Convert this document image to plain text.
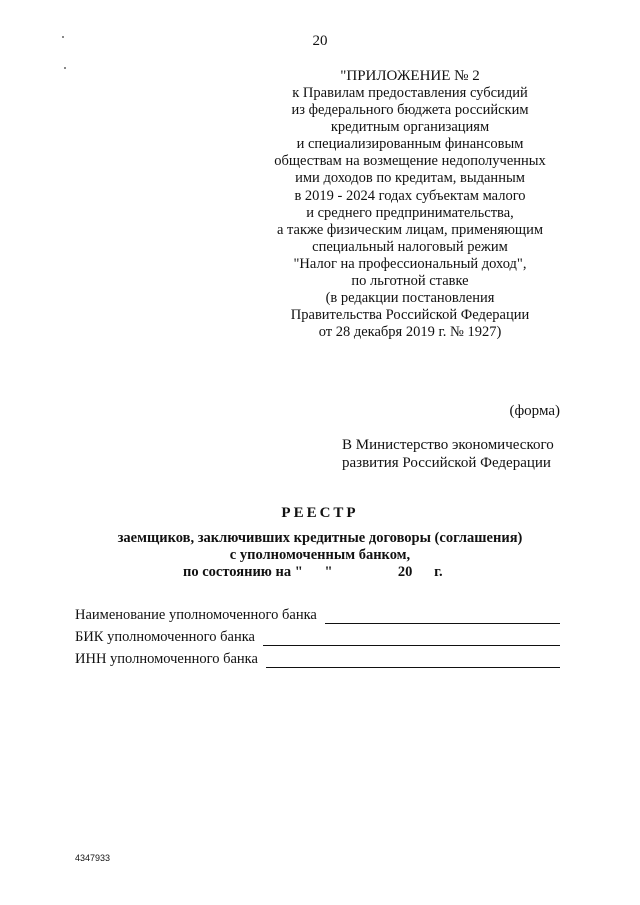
20
"ПРИЛОЖЕНИЕ № 2
к Правилам предоставления субсидий
из федерального бюджета российским
кредитным организациям
и специализированным финансовым
обществам на возмещение недополученных
ими доходов по кредитам, выданным
в 2019 - 2024 годах субъектам малого
и среднего предпринимательства,
а также физическим лицам, применяющим
специальный налоговый режим
"Налог на профессиональный доход",
по льготной ставке
(в редакции постановления
Правительства Российской Федерации
от 28 декабря 2019 г. № 1927)
(форма)
В Министерство экономического
развития Российской Федерации
РЕЕСТР
заемщиков, заключивших кредитные договоры (соглашения)
с уполномоченным банком,
по состоянию на "      "                  20      г.
Наименование уполномоченного банка
БИК уполномоченного банка
ИНН уполномоченного банка
4347933
